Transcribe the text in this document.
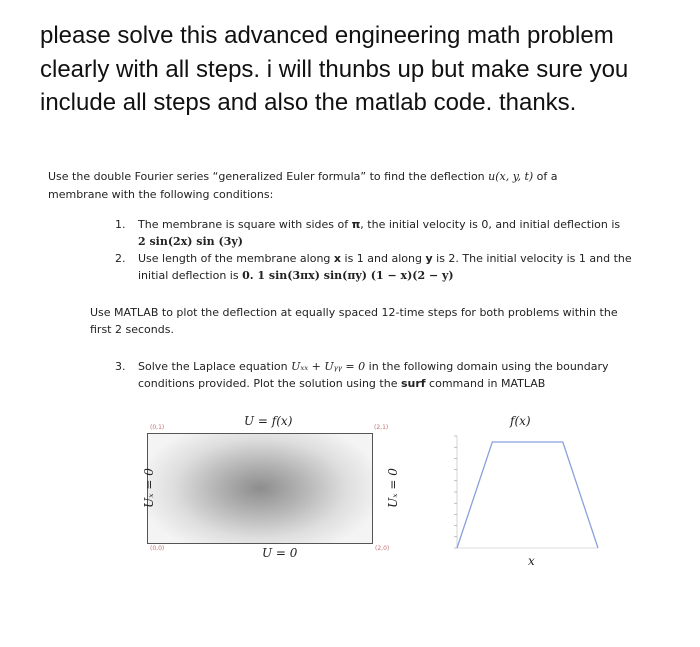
please solve this advanced engineering math problem clearly with all steps. i will thunbs up but make sure you include all steps and also the matlab code. thanks.
Use the double Fourier series “generalized Euler formula” to find the deflection u(x, y, t) of a
membrane with the following conditions:
1. The membrane is square with sides of π, the initial velocity is 0, and initial deflection is
2 sin(2x) sin (3y)
2. Use length of the membrane along x is 1 and along y is 2. The initial velocity is 1 and the
initial deflection is 0. 1 sin(3πx) sin(πy) (1 − x)(2 − y)
Use MATLAB to plot the deflection at equally spaced 12-time steps for both problems within the
first 2 seconds.
3. Solve the Laplace equation Uₓₓ + Uᵧᵧ = 0 in the following domain using the boundary
conditions provided. Plot the solution using the surf command in MATLAB
(0,1)	(2,1)
(0,0)	(2,0)
U = f(x)
U = 0
Uₓ = 0	Uₓ = 0
f(x)
x
